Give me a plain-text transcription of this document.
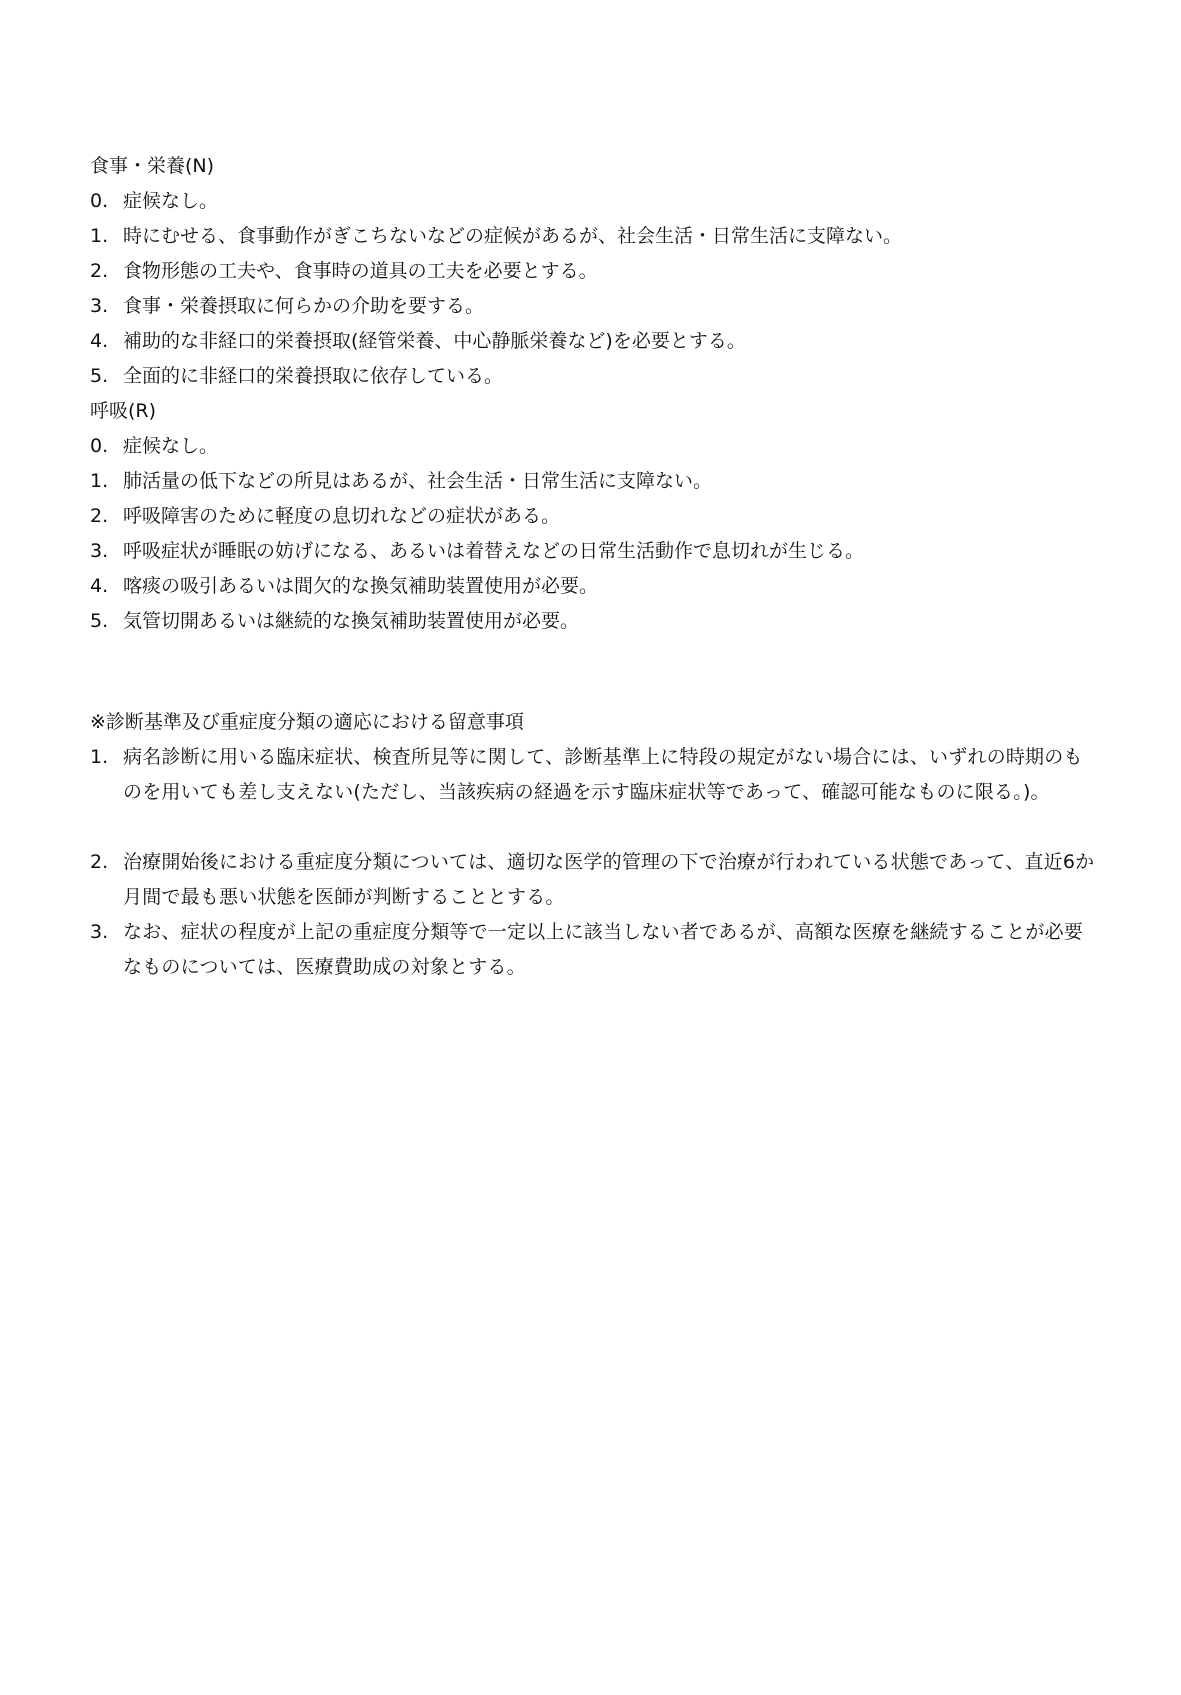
食事・栄養(N)
0. 症候なし。
1. 時にむせる、食事動作がぎこちないなどの症候があるが、社会生活・日常生活に支障ない。
2. 食物形態の工夫や、食事時の道具の工夫を必要とする。
3. 食事・栄養摂取に何らかの介助を要する。
4. 補助的な非経口的栄養摂取(経管栄養、中心静脈栄養など)を必要とする。
5. 全面的に非経口的栄養摂取に依存している。
呼吸(R)
0. 症候なし。
1. 肺活量の低下などの所見はあるが、社会生活・日常生活に支障ない。
2. 呼吸障害のために軽度の息切れなどの症状がある。
3. 呼吸症状が睡眠の妨げになる、あるいは着替えなどの日常生活動作で息切れが生じる。
4. 喀痰の吸引あるいは間欠的な換気補助装置使用が必要。
5. 気管切開あるいは継続的な換気補助装置使用が必要。
※診断基準及び重症度分類の適応における留意事項
1. 病名診断に用いる臨床症状、検査所見等に関して、診断基準上に特段の規定がない場合には、いずれの時期のものを用いても差し支えない(ただし、当該疾病の経過を示す臨床症状等であって、確認可能なものに限る。)。
2. 治療開始後における重症度分類については、適切な医学的管理の下で治療が行われている状態であって、直近6か月間で最も悪い状態を医師が判断することとする。
3. なお、症状の程度が上記の重症度分類等で一定以上に該当しない者であるが、高額な医療を継続することが必要なものについては、医療費助成の対象とする。
